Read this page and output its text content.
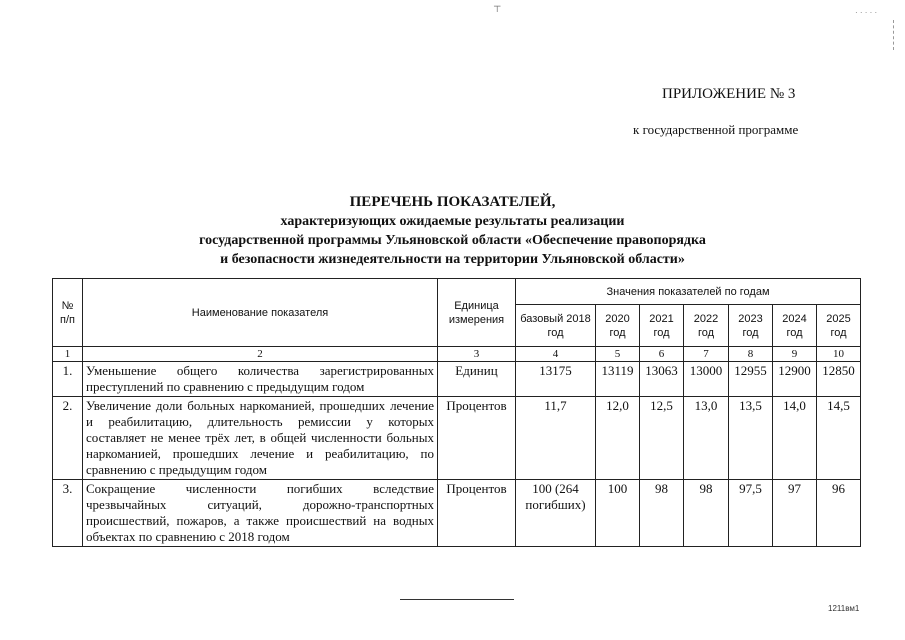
⊤	· · · · ·
ПРИЛОЖЕНИЕ № 3
к государственной программе
ПЕРЕЧЕНЬ ПОКАЗАТЕЛЕЙ,
характеризующих ожидаемые результаты реализации
государственной программы Ульяновской области «Обеспечение правопорядка
и безопасности жизнедеятельности на территории Ульяновской области»
№ п/п	Наименование показателя	Единица измерения	Значения показателей по годам						
			базовый 2018 год	2020 год	2021 год	2022 год	2023 год	2024 год	2025 год
1	2	3	4	5	6	7	8	9	10
1.	Уменьшение общего количества зарегистрированных преступлений по сравнению с предыдущим годом	Единиц	13175	13119	13063	13000	12955	12900	12850
2.	Увеличение доли больных наркоманией, прошедших лечение и реабилитацию, длительность ремиссии у которых составляет не менее трёх лет, в общей численности больных наркоманией, прошедших лечение и реабилитацию, по сравнению с предыдущим годом	Процентов	11,7	12,0	12,5	13,0	13,5	14,0	14,5
3.	Сокращение численности погибших вследствие чрезвычайных ситуаций, дорожно-транспортных происшествий, пожаров, а также происшествий на водных объектах по сравнению с 2018 годом	Процентов	100 (264 погибших)	100	98	98	97,5	97	96
1211вм1
